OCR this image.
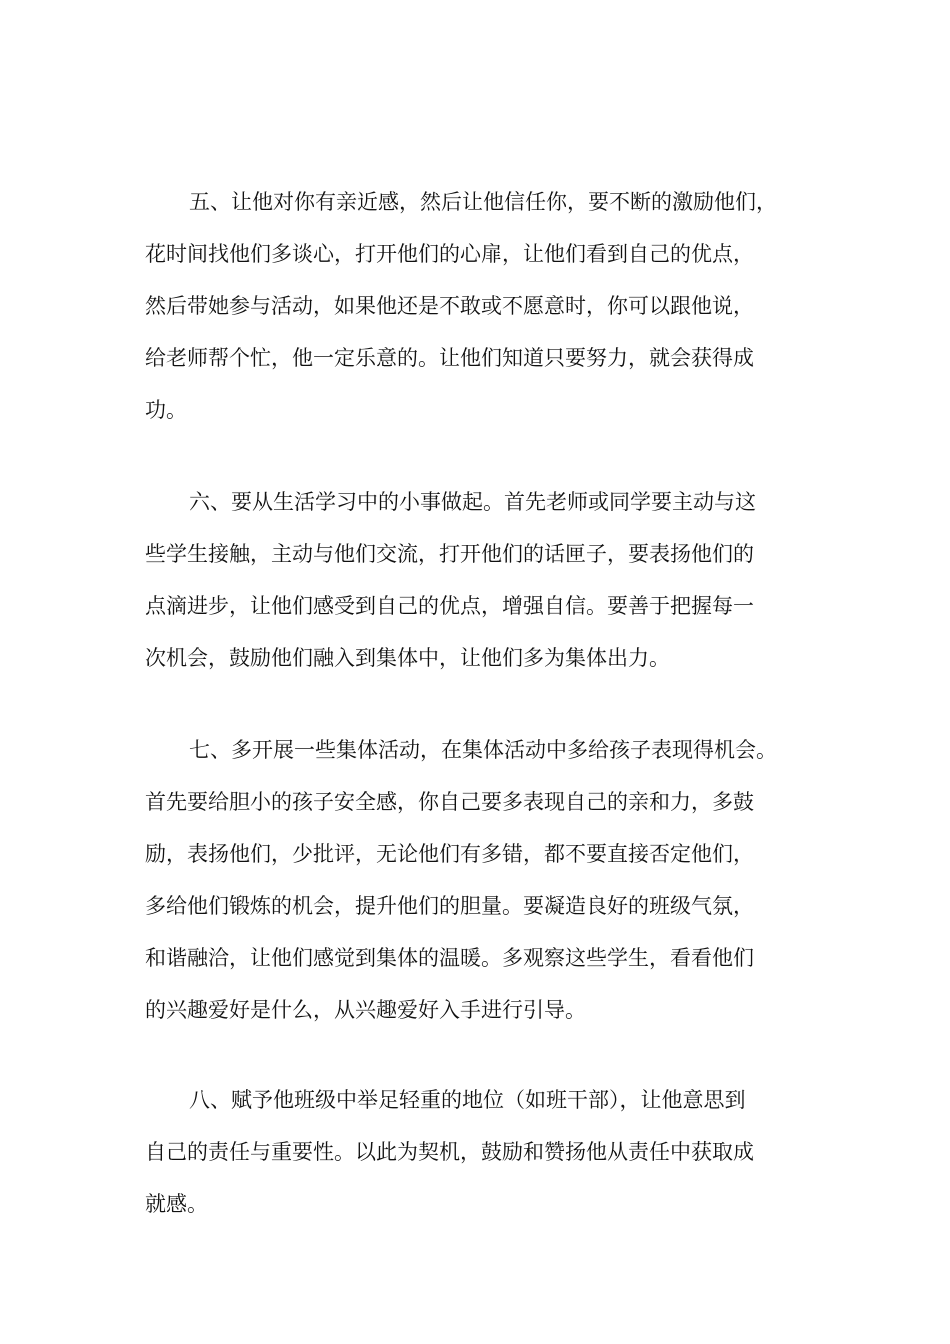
五、让他对你有亲近感，然后让他信任你，要不断的激励他们，
花时间找他们多谈心，打开他们的心扉，让他们看到自己的优点，
然后带她参与活动，如果他还是不敢或不愿意时，你可以跟他说，
给老师帮个忙，他一定乐意的。让他们知道只要努力，就会获得成
功。
六、要从生活学习中的小事做起。首先老师或同学要主动与这
些学生接触，主动与他们交流，打开他们的话匣子，要表扬他们的
点滴进步，让他们感受到自己的优点，增强自信。要善于把握每一
次机会，鼓励他们融入到集体中，让他们多为集体出力。
七、多开展一些集体活动，在集体活动中多给孩子表现得机会。
首先要给胆小的孩子安全感，你自己要多表现自己的亲和力，多鼓
励，表扬他们，少批评，无论他们有多错，都不要直接否定他们，
多给他们锻炼的机会，提升他们的胆量。要凝造良好的班级气氛，
和谐融洽，让他们感觉到集体的温暖。多观察这些学生，看看他们
的兴趣爱好是什么，从兴趣爱好入手进行引导。
八、赋予他班级中举足轻重的地位（如班干部），让他意思到
自己的责任与重要性。以此为契机，鼓励和赞扬他从责任中获取成
就感。
